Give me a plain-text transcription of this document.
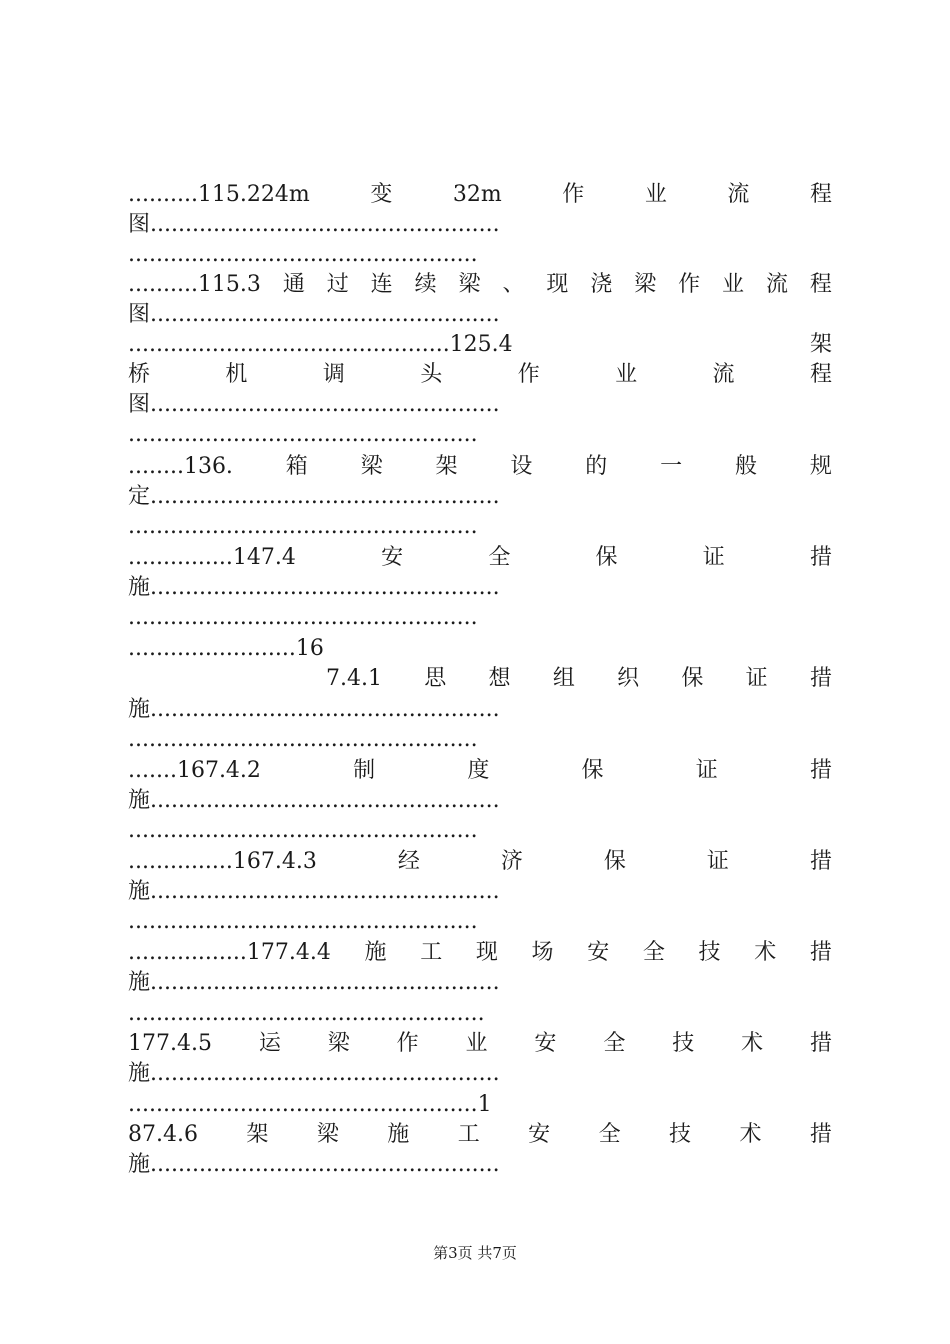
..........115.224m	变	32m	作	业	流	程
图..................................................
..................................................
..........115.3 通 过 连 续 梁 、 现 浇 梁 作 业 流 程
图..................................................
..............................................125.4	架
桥	机	调	头	作	业	流	程
图..................................................
..................................................
........136. 箱 梁 架 设 的 一 般 规
定..................................................
..................................................
...............147.4	安	全	保	证	措
施..................................................
..................................................
........................16
7.4.1 思 想 组 织 保 证 措
施..................................................
..................................................
.......167.4.2	制	度	保	证	措
施..................................................
..................................................
...............167.4.3	经	济	保	证	措
施..................................................
..................................................
.................177.4.4 施 工 现 场 安 全 技 术 措
施..................................................
...................................................
177.4.5 运 梁 作 业 安 全 技 术 措
施..................................................
..................................................1
87.4.6 架 梁 施 工 安 全 技 术 措
施..................................................
第3页 共7页
